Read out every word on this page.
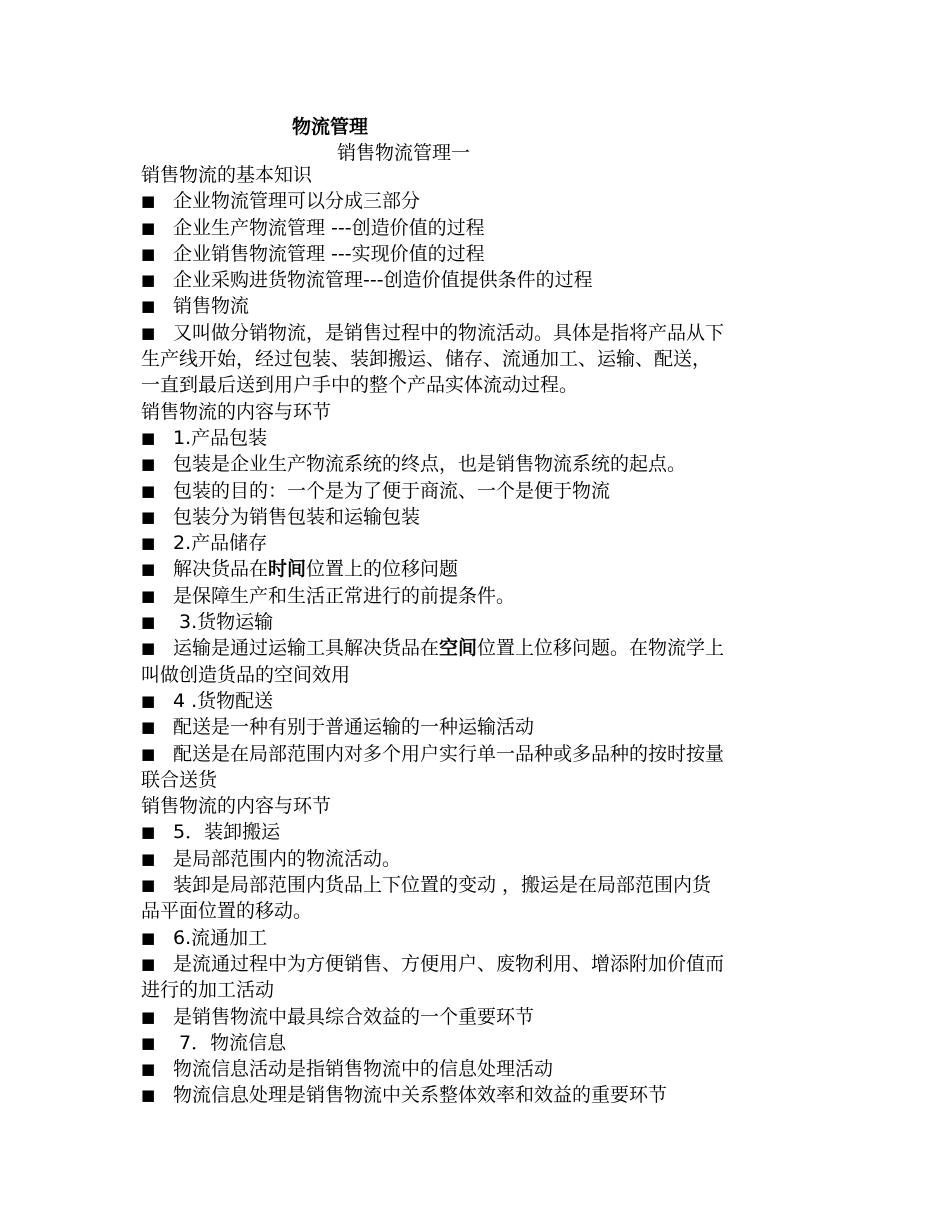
物流管理
销售物流管理一
销售物流的基本知识
■ 企业物流管理可以分成三部分
■ 企业生产物流管理 ---创造价值的过程
■ 企业销售物流管理 ---实现价值的过程
■ 企业采购进货物流管理---创造价值提供条件的过程
■ 销售物流
■ 又叫做分销物流，是销售过程中的物流活动。具体是指将产品从下
生产线开始，经过包装、装卸搬运、储存、流通加工、运输、配送，
一直到最后送到用户手中的整个产品实体流动过程。
销售物流的内容与环节
■ 1.产品包装
■ 包装是企业生产物流系统的终点，也是销售物流系统的起点。
■ 包装的目的：一个是为了便于商流、一个是便于物流
■ 包装分为销售包装和运输包装
■ 2.产品储存
■ 解决货品在时间位置上的位移问题
■ 是保障生产和生活正常进行的前提条件。
■ 3.货物运输
■ 运输是通过运输工具解决货品在空间位置上位移问题。在物流学上
叫做创造货品的空间效用
■ 4 .货物配送
■ 配送是一种有别于普通运输的一种运输活动
■ 配送是在局部范围内对多个用户实行单一品种或多品种的按时按量
联合送货
销售物流的内容与环节
■ 5．装卸搬运
■ 是局部范围内的物流活动。
■ 装卸是局部范围内货品上下位置的变动 ，搬运是在局部范围内货
品平面位置的移动。
■ 6.流通加工
■ 是流通过程中为方便销售、方便用户、废物利用、增添附加价值而
进行的加工活动
■ 是销售物流中最具综合效益的一个重要环节
■ 7．物流信息
■ 物流信息活动是指销售物流中的信息处理活动
■ 物流信息处理是销售物流中关系整体效率和效益的重要环节
